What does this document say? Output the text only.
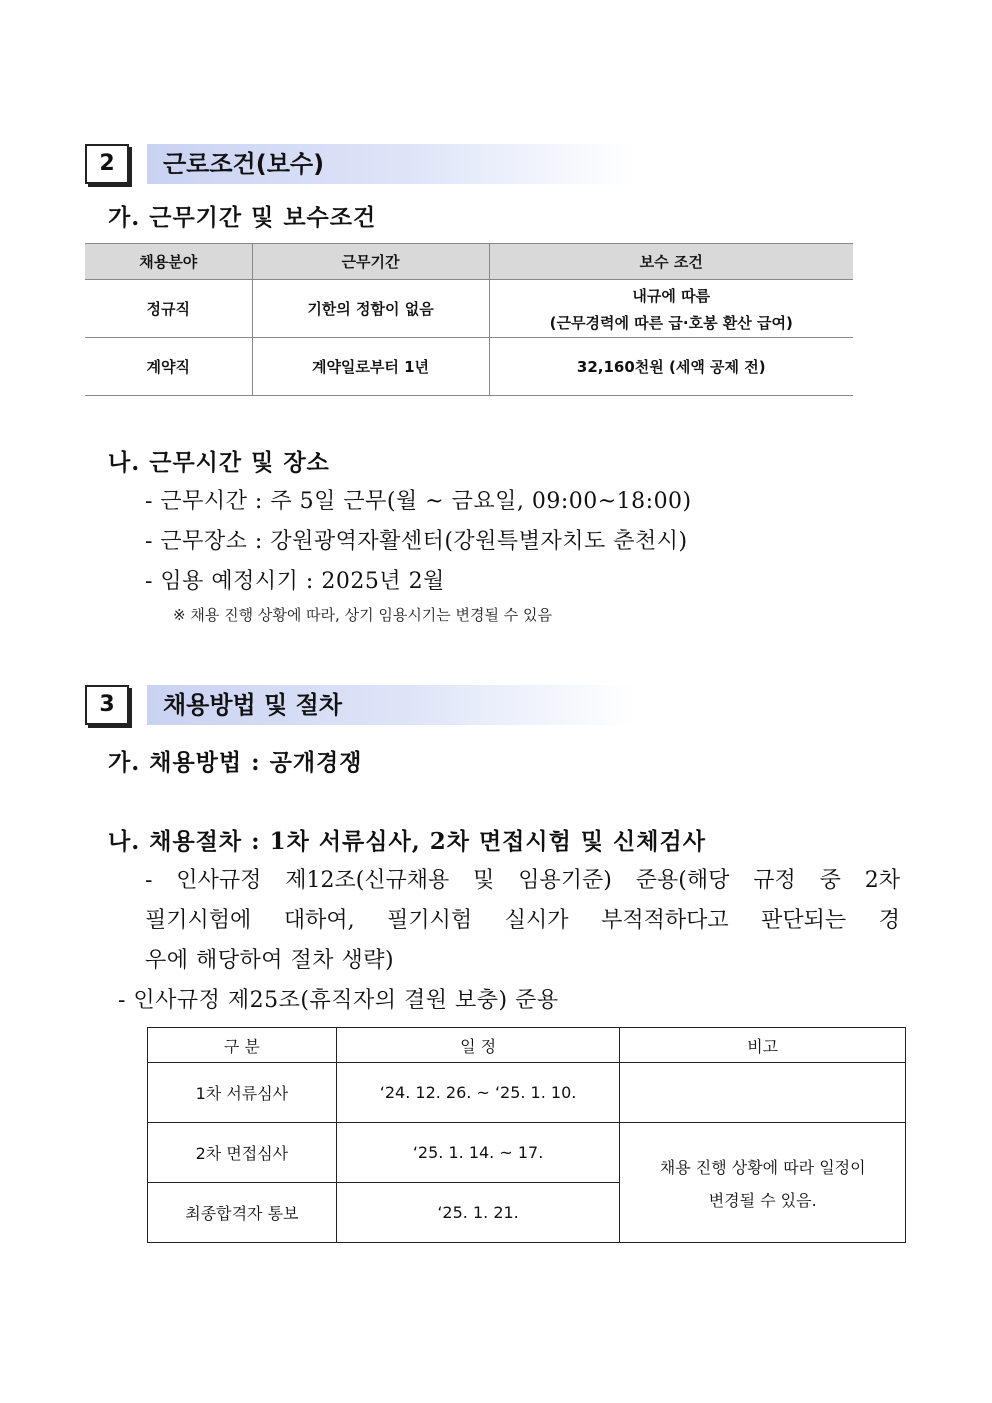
2	근로조건(보수)
가. 근무기간 및 보수조건
채용분야	근무기간	보수 조건
정규직	기한의 정함이 없음	내규에 따름
(근무경력에 따른 급·호봉 환산 급여)

계약직	계약일로부터 1년	32,160천원 (세액 공제 전)
나. 근무시간 및 장소
- 근무시간 : 주 5일 근무(월 ~ 금요일, 09:00~18:00)
- 근무장소 : 강원광역자활센터(강원특별자치도 춘천시)
- 임용 예정시기 : 2025년 2월
※ 채용 진행 상황에 따라, 상기 임용시기는 변경될 수 있음
3	채용방법 및 절차
가. 채용방법 : 공개경쟁
나. 채용절차 : 1차 서류심사, 2차 면접시험 및 신체검사
- 인사규정 제12조(신규채용 및 임용기준) 준용(해당 규정 중 2차
필기시험에 대하여, 필기시험 실시가 부적적하다고 판단되는 경
우에 해당하여 절차 생략)
- 인사규정 제25조(휴직자의 결원 보충) 준용
구 분	일 정	비고
1차 서류심사	‘24. 12. 26. ~ ‘25. 1. 10.	
2차 면접심사	‘25. 1. 14. ~ 17.	채용 진행 상황에 따라 일정이
변경될 수 있음.

최종합격자 통보	‘25. 1. 21.	
